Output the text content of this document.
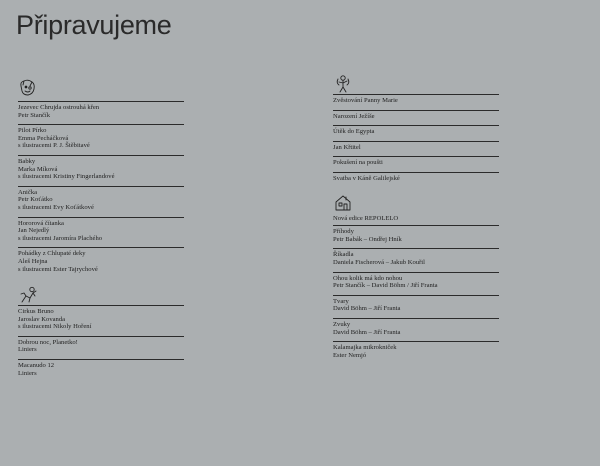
Připravujeme
Jezevec Chrujda ostrouhá křen
Petr Stančík
Pilot Pírko
Emma Pecháčková
s ilustracemi P. J. Štěbitavé
Babky
Marka Míková
s ilustracemi Kristiny Fingerlandové
Anička
Petr Koťátko
s ilustracemi Evy Koťátkové
Hororová čítanka
Jan Nejedlý
s ilustracemi Jaromíra Plachého
Pohádky z Chlupaté deky
Aleš Hejna
s ilustracemi Ester Tajrychové
Cirkus Bruno
Jaroslav Kovanda
s ilustracemi Nikoly Hoření
Dobrou noc, Planetko!
Liniers
Macanudo 12
Liniers
Zvěstování Panny Marie
Narození Ježíše
Útěk do Egypta
Jan Křtitel
Pokušení na poušti
Svatba v Káně Galilejské
Nová edice REPOLELO
Příhody
Petr Babák – Ondřej Hník
Říkadla
Daniela Fischerová – Jakub Kouřil
Ohou kolik má kdo nohou
Petr Stančík – David Böhm / Jiří Franta
Tvary
David Böhm – Jiří Franta
Zvuky
David Böhm – Jiří Franta
Kalamajka mikrokniček
Ester Nemjó
